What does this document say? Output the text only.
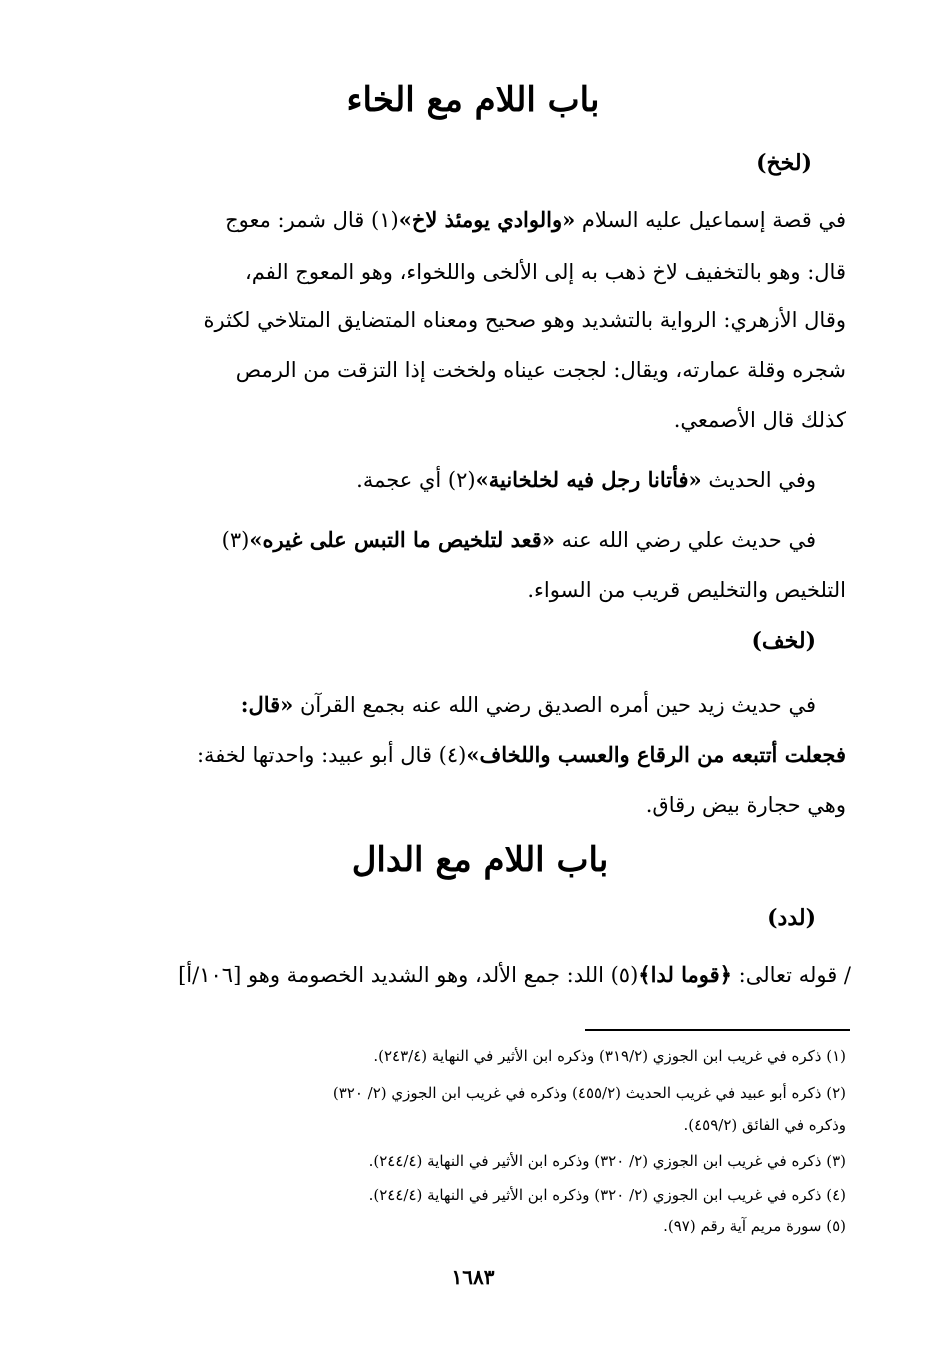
باب اللام مع الخاء
(لخخ)
في قصة إسماعيل عليه السلام «والوادي يومئذ لاخ»(١) قال شمر: معوج
قال: وهو بالتخفيف لاخ ذهب به إلى الألخى واللخواء، وهو المعوج الفم،
وقال الأزهري: الرواية بالتشديد وهو صحيح ومعناه المتضايق المتلاخي لكثرة
شجره وقلة عمارته، ويقال: لججت عيناه ولخخت إذا التزقت من الرمص
كذلك قال الأصمعي.
وفي الحديث «فأتانا رجل فيه لخلخانية»(٢) أي عجمة.
في حديث علي رضي الله عنه «قعد لتلخيص ما التبس على غيره»(٣)
التلخيص والتخليص قريب من السواء.
(لخف)
في حديث زيد حين أمره الصديق رضي الله عنه بجمع القرآن «قال:
فجعلت أتتبعه من الرقاع والعسب واللخاف»(٤) قال أبو عبيد: واحدتها لخفة:
وهي حجارة بيض رقاق.
باب اللام مع الدال
(لدد)
/ قوله تعالى: ﴿قوما لدا﴾(٥) اللد: جمع الألد، وهو الشديد الخصومة وهو [١٠٦/أ]
(١) ذكره في غريب ابن الجوزي (٣١٩/٢) وذكره ابن الأثير في النهاية (٢٤٣/٤).
(٢) ذكره أبو عبيد في غريب الحديث (٤٥٥/٢) وذكره في غريب ابن الجوزي (٢/ ٣٢٠)
وذكره في الفائق (٤٥٩/٢).
(٣) ذكره في غريب ابن الجوزي (٢/ ٣٢٠) وذكره ابن الأثير في النهاية (٢٤٤/٤).
(٤) ذكره في غريب ابن الجوزي (٢/ ٣٢٠) وذكره ابن الأثير في النهاية (٢٤٤/٤).
(٥) سورة مريم آية رقم (٩٧).
١٦٨٣
